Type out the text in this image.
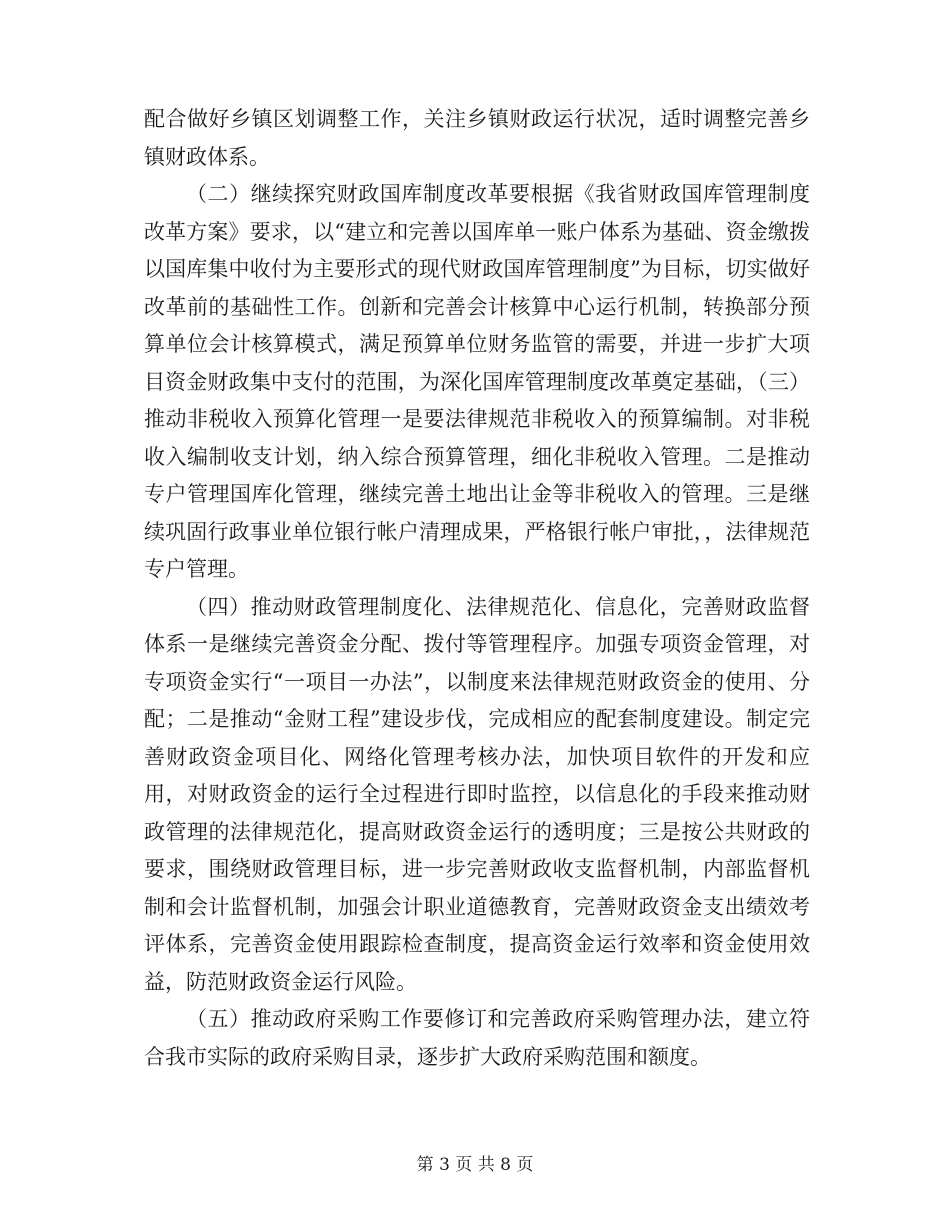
配合做好乡镇区划调整工作，关注乡镇财政运行状况，适时调整完善乡镇财政体系。

（二）继续探究财政国库制度改革要根据《我省财政国库管理制度改革方案》要求，以“建立和完善以国库单一账户体系为基础、资金缴拨以国库集中收付为主要形式的现代财政国库管理制度”为目标，切实做好改革前的基础性工作。创新和完善会计核算中心运行机制，转换部分预算单位会计核算模式，满足预算单位财务监管的需要，并进一步扩大项目资金财政集中支付的范围，为深化国库管理制度改革奠定基础，（三）推动非税收入预算化管理一是要法律规范非税收入的预算编制。对非税收入编制收支计划，纳入综合预算管理，细化非税收入管理。二是推动专户管理国库化管理，继续完善土地出让金等非税收入的管理。三是继续巩固行政事业单位银行帐户清理成果，严格银行帐户审批，，法律规范专户管理。

（四）推动财政管理制度化、法律规范化、信息化，完善财政监督体系一是继续完善资金分配、拨付等管理程序。加强专项资金管理，对专项资金实行“一项目一办法”，以制度来法律规范财政资金的使用、分配；二是推动“金财工程”建设步伐，完成相应的配套制度建设。制定完善财政资金项目化、网络化管理考核办法，加快项目软件的开发和应用，对财政资金的运行全过程进行即时监控，以信息化的手段来推动财政管理的法律规范化，提高财政资金运行的透明度；三是按公共财政的要求，围绕财政管理目标，进一步完善财政收支监督机制，内部监督机制和会计监督机制，加强会计职业道德教育，完善财政资金支出绩效考评体系，完善资金使用跟踪检查制度，提高资金运行效率和资金使用效益，防范财政资金运行风险。

（五）推动政府采购工作要修订和完善政府采购管理办法，建立符合我市实际的政府采购目录，逐步扩大政府采购范围和额度。

第 3 页 共 8 页
